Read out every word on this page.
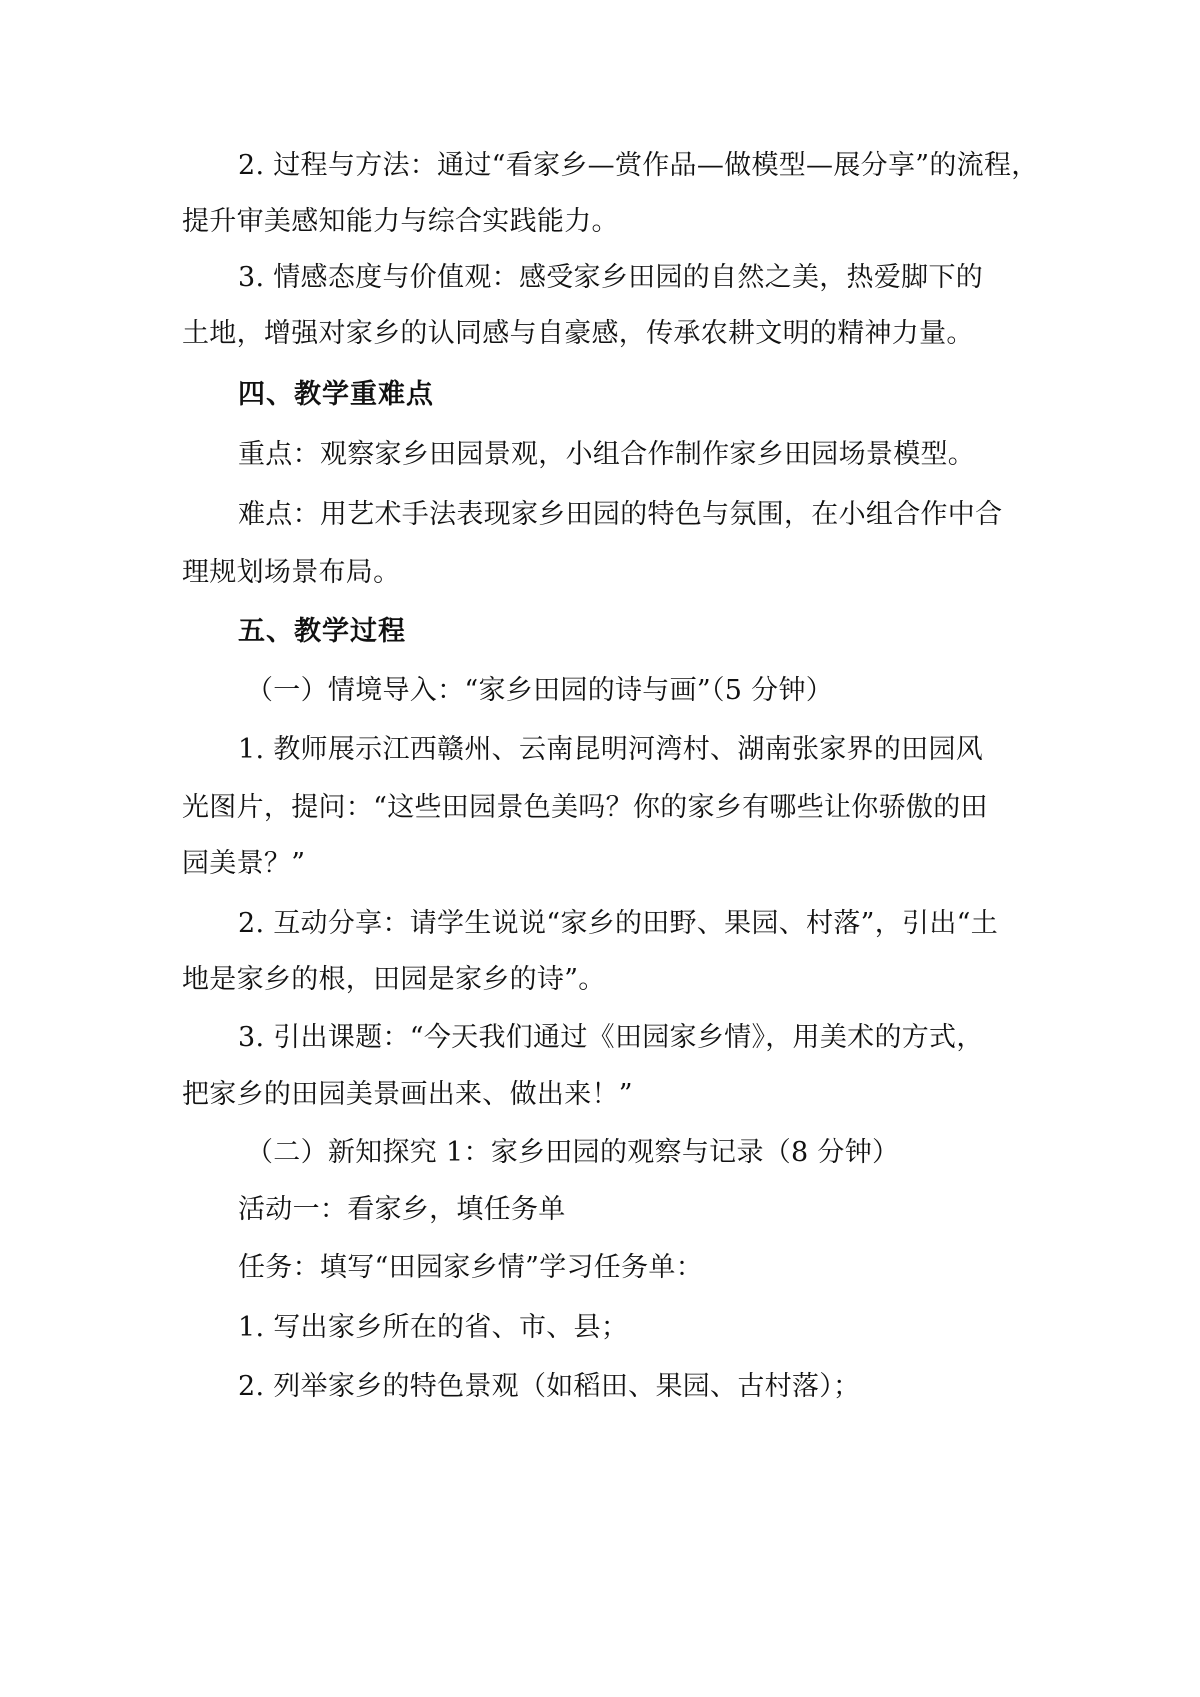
2. 过程与方法：通过“看家乡—赏作品—做模型—展分享”的流程，
提升审美感知能力与综合实践能力。
3. 情感态度与价值观：感受家乡田园的自然之美，热爱脚下的
土地，增强对家乡的认同感与自豪感，传承农耕文明的精神力量。
四、教学重难点
重点：观察家乡田园景观，小组合作制作家乡田园场景模型。
难点：用艺术手法表现家乡田园的特色与氛围，在小组合作中合
理规划场景布局。
五、教学过程
（一）情境导入：“家乡田园的诗与画”（5 分钟）
1. 教师展示江西赣州、云南昆明河湾村、湖南张家界的田园风
光图片，提问：“这些田园景色美吗？你的家乡有哪些让你骄傲的田
园美景？”
2. 互动分享：请学生说说“家乡的田野、果园、村落”，引出“土
地是家乡的根，田园是家乡的诗”。
3. 引出课题：“今天我们通过《田园家乡情》，用美术的方式，
把家乡的田园美景画出来、做出来！”
（二）新知探究 1：家乡田园的观察与记录（8 分钟）
活动一：看家乡，填任务单
任务：填写“田园家乡情”学习任务单：
1. 写出家乡所在的省、市、县；
2. 列举家乡的特色景观（如稻田、果园、古村落）；
